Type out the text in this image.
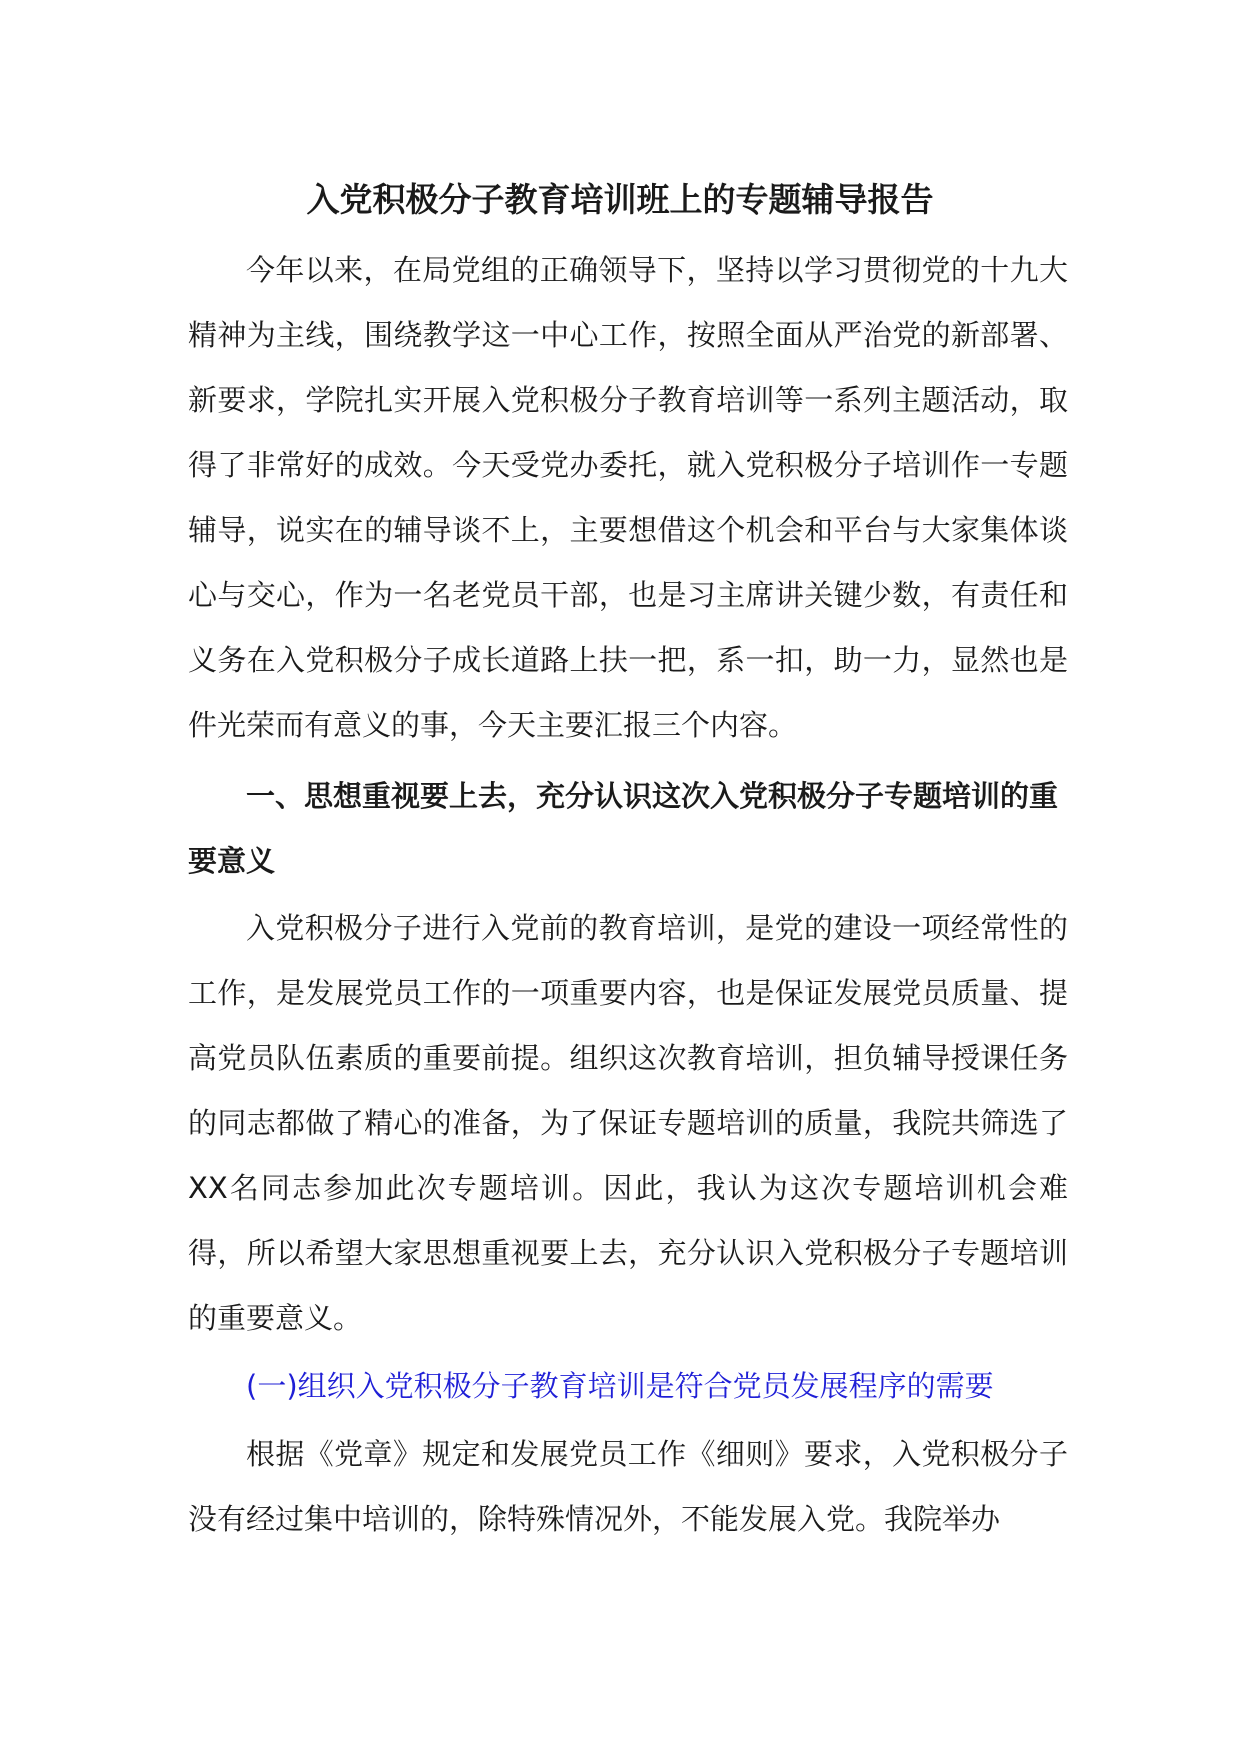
入党积极分子教育培训班上的专题辅导报告

今年以来，在局党组的正确领导下，坚持以学习贯彻党的十九大精神为主线，围绕教学这一中心工作，按照全面从严治党的新部署、新要求，学院扎实开展入党积极分子教育培训等一系列主题活动，取得了非常好的成效。今天受党办委托，就入党积极分子培训作一专题辅导，说实在的辅导谈不上，主要想借这个机会和平台与大家集体谈心与交心，作为一名老党员干部，也是习主席讲关键少数，有责任和义务在入党积极分子成长道路上扶一把，系一扣，助一力，显然也是件光荣而有意义的事，今天主要汇报三个内容。

一、思想重视要上去，充分认识这次入党积极分子专题培训的重要意义

入党积极分子进行入党前的教育培训，是党的建设一项经常性的工作，是发展党员工作的一项重要内容，也是保证发展党员质量、提高党员队伍素质的重要前提。组织这次教育培训，担负辅导授课任务的同志都做了精心的准备，为了保证专题培训的质量，我院共筛选了XX名同志参加此次专题培训。因此，我认为这次专题培训机会难得，所以希望大家思想重视要上去，充分认识入党积极分子专题培训的重要意义。

(一)组织入党积极分子教育培训是符合党员发展程序的需要

根据《党章》规定和发展党员工作《细则》要求，入党积极分子没有经过集中培训的，除特殊情况外，不能发展入党。我院举办
